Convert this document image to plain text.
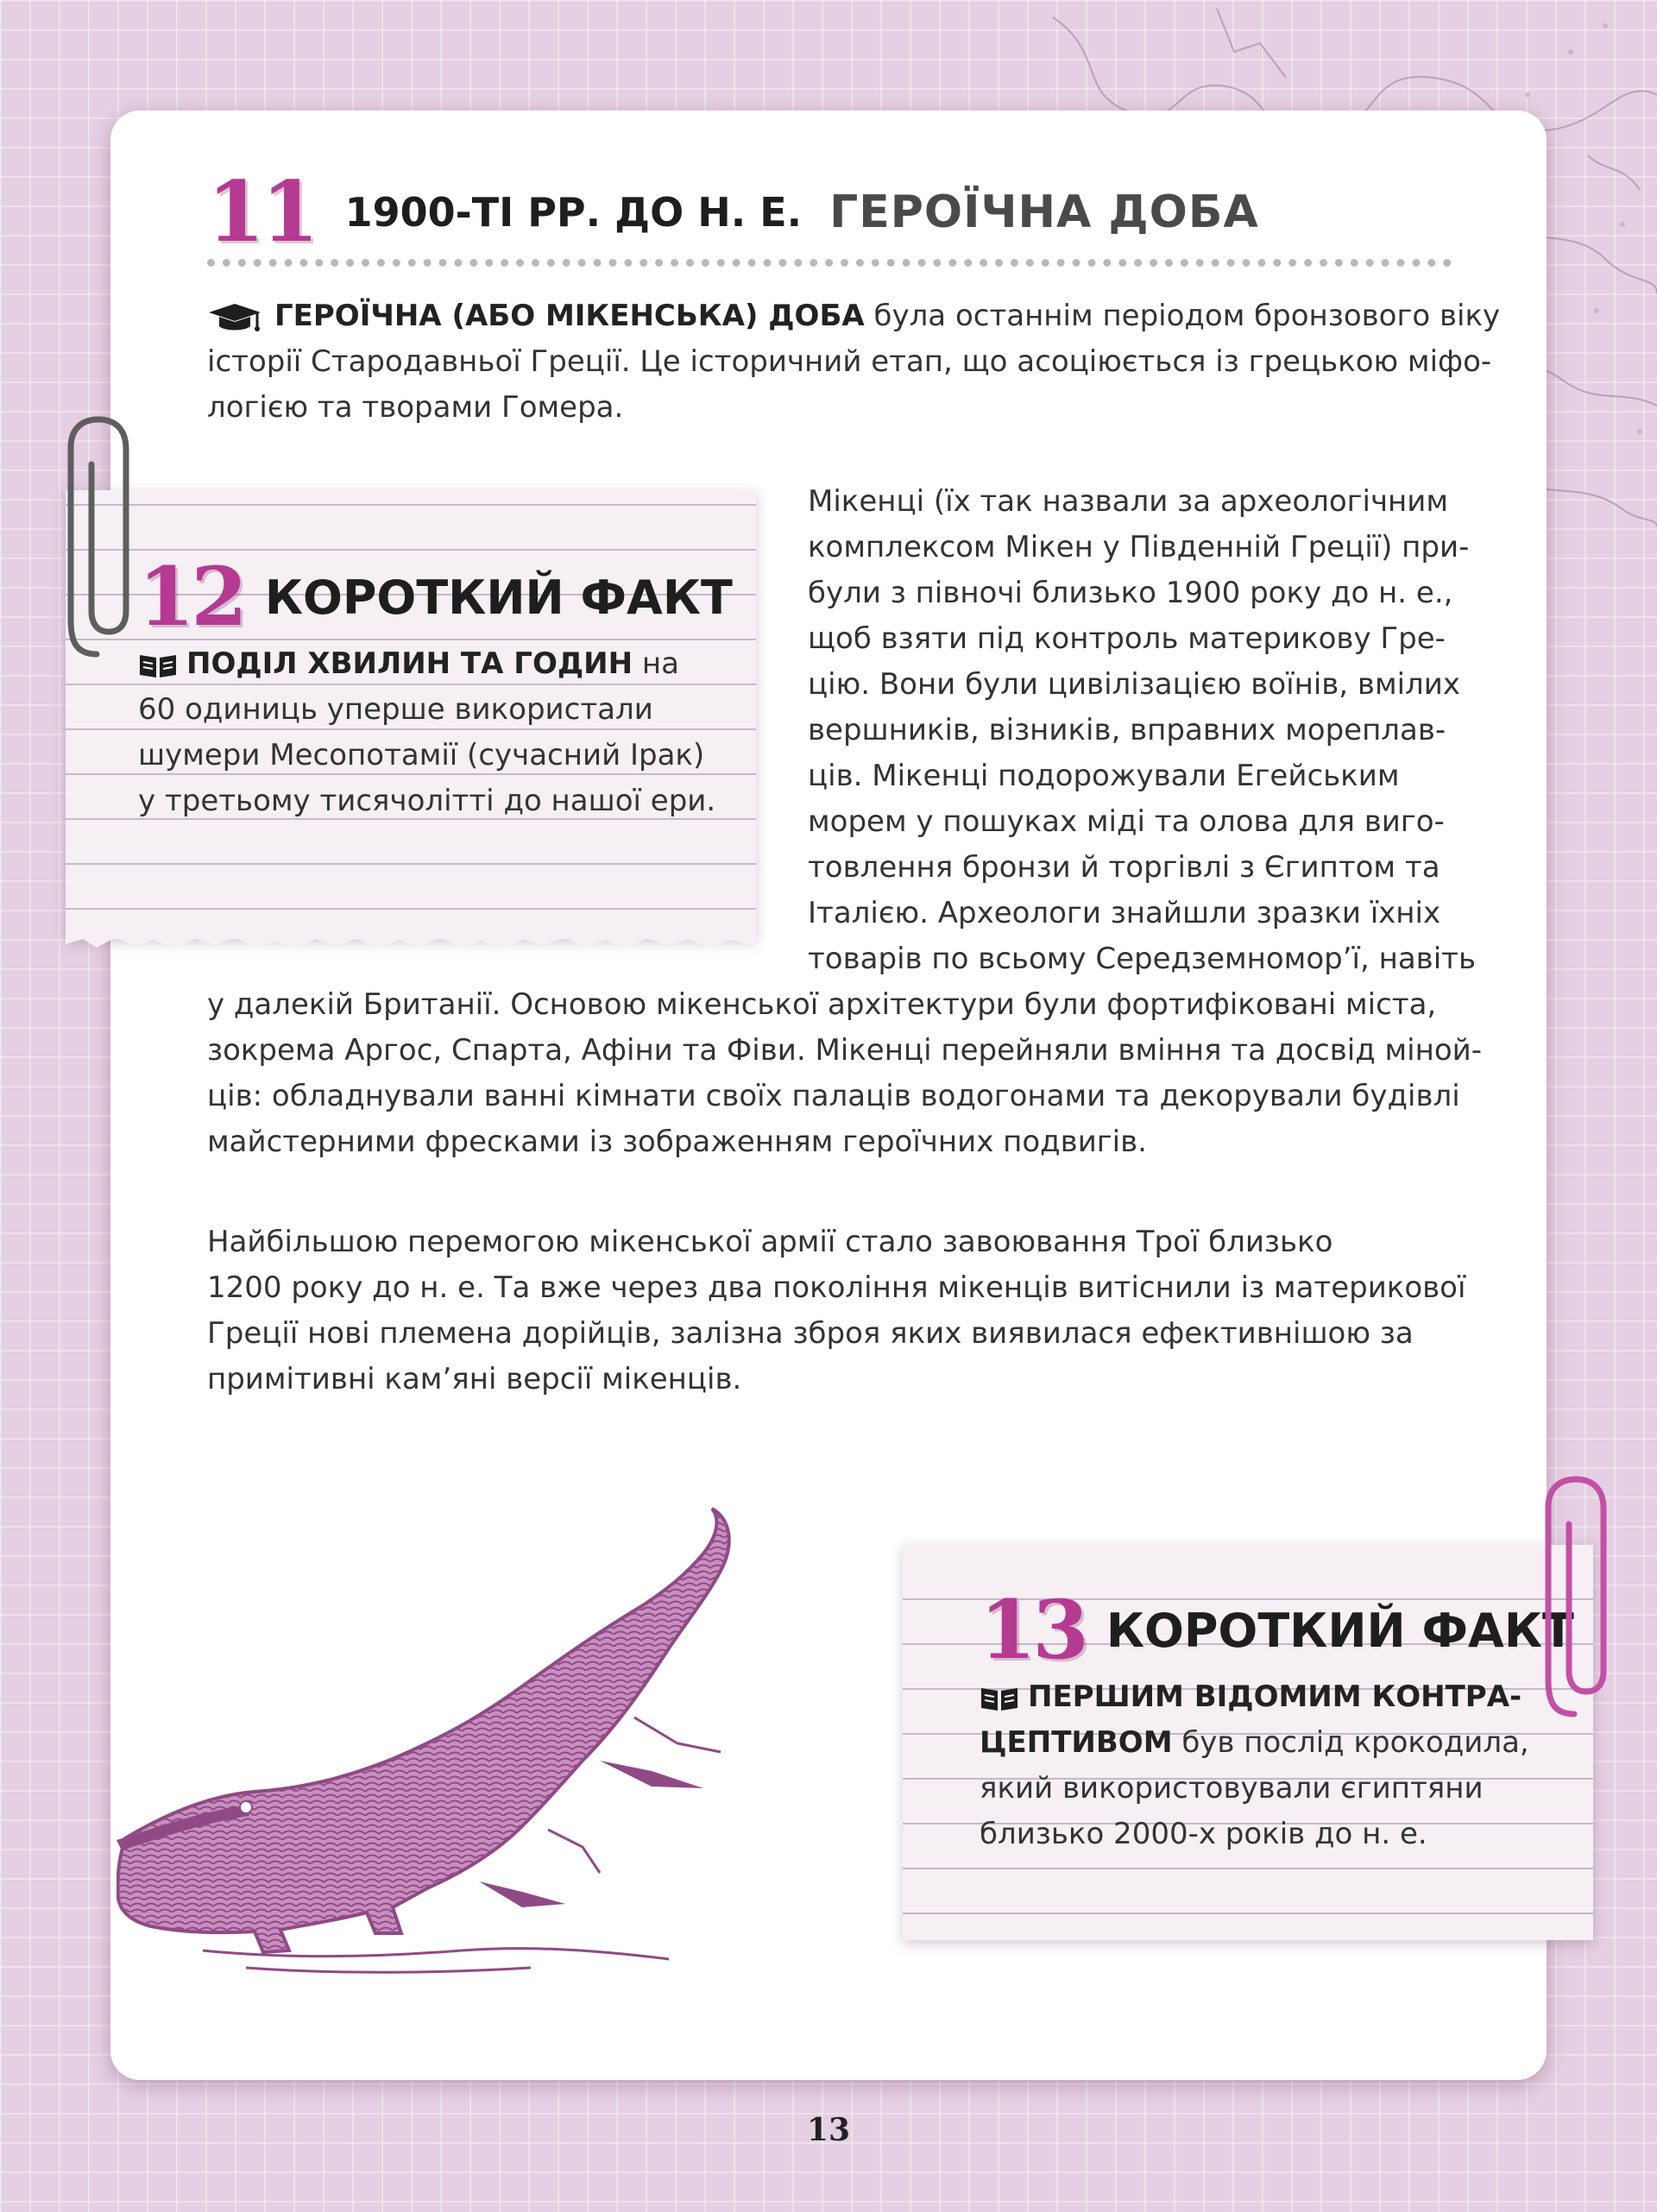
11 1900-ТІ РР. ДО Н. Е. ГЕРОЇЧНА ДОБА
ГЕРОЇЧНА (АБО МІКЕНСЬКА) ДОБА була останнім періодом бронзового віку
історії Стародавньої Греції. Це історичний етап, що асоціюється із грецькою міфо-
логією та творами Гомера.
Мікенці (їх так назвали за археологічним
комплексом Мікен у Південній Греції) при-
були з півночі близько 1900 року до н. е.,
щоб взяти під контроль материкову Гре-
цію. Вони були цивілізацією воїнів, вмілих
вершників, візників, вправних мореплав-
ців. Мікенці подорожували Егейським
морем у пошуках міді та олова для виго-
товлення бронзи й торгівлі з Єгиптом та
Італією. Археологи знайшли зразки їхніх
товарів по всьому Середземномор’ї, навіть
у далекій Британії. Основою мікенської архітектури були фортифіковані міста,
зокрема Аргос, Спарта, Афіни та Фіви. Мікенці перейняли вміння та досвід міной-
ців: обладнували ванні кімнати своїх палаців водогонами та декорували будівлі
майстерними фресками із зображенням героїчних подвигів.
Найбільшою перемогою мікенської армії стало завоювання Трої близько
1200 року до н. е. Та вже через два покоління мікенців витіснили із материкової
Греції нові племена дорійців, залізна зброя яких виявилася ефективнішою за
примітивні кам’яні версії мікенців.
12 КОРОТКИЙ ФАКТ
ПОДІЛ ХВИЛИН ТА ГОДИН на
60 одиниць уперше використали
шумери Месопотамії (сучасний Ірак)
у третьому тисячолітті до нашої ери.
13 КОРОТКИЙ ФАКТ
ПЕРШИМ ВІДОМИМ КОНТРА-
ЦЕПТИВОМ був послід крокодила,
який використовували єгиптяни
близько 2000-х років до н. е.
13
